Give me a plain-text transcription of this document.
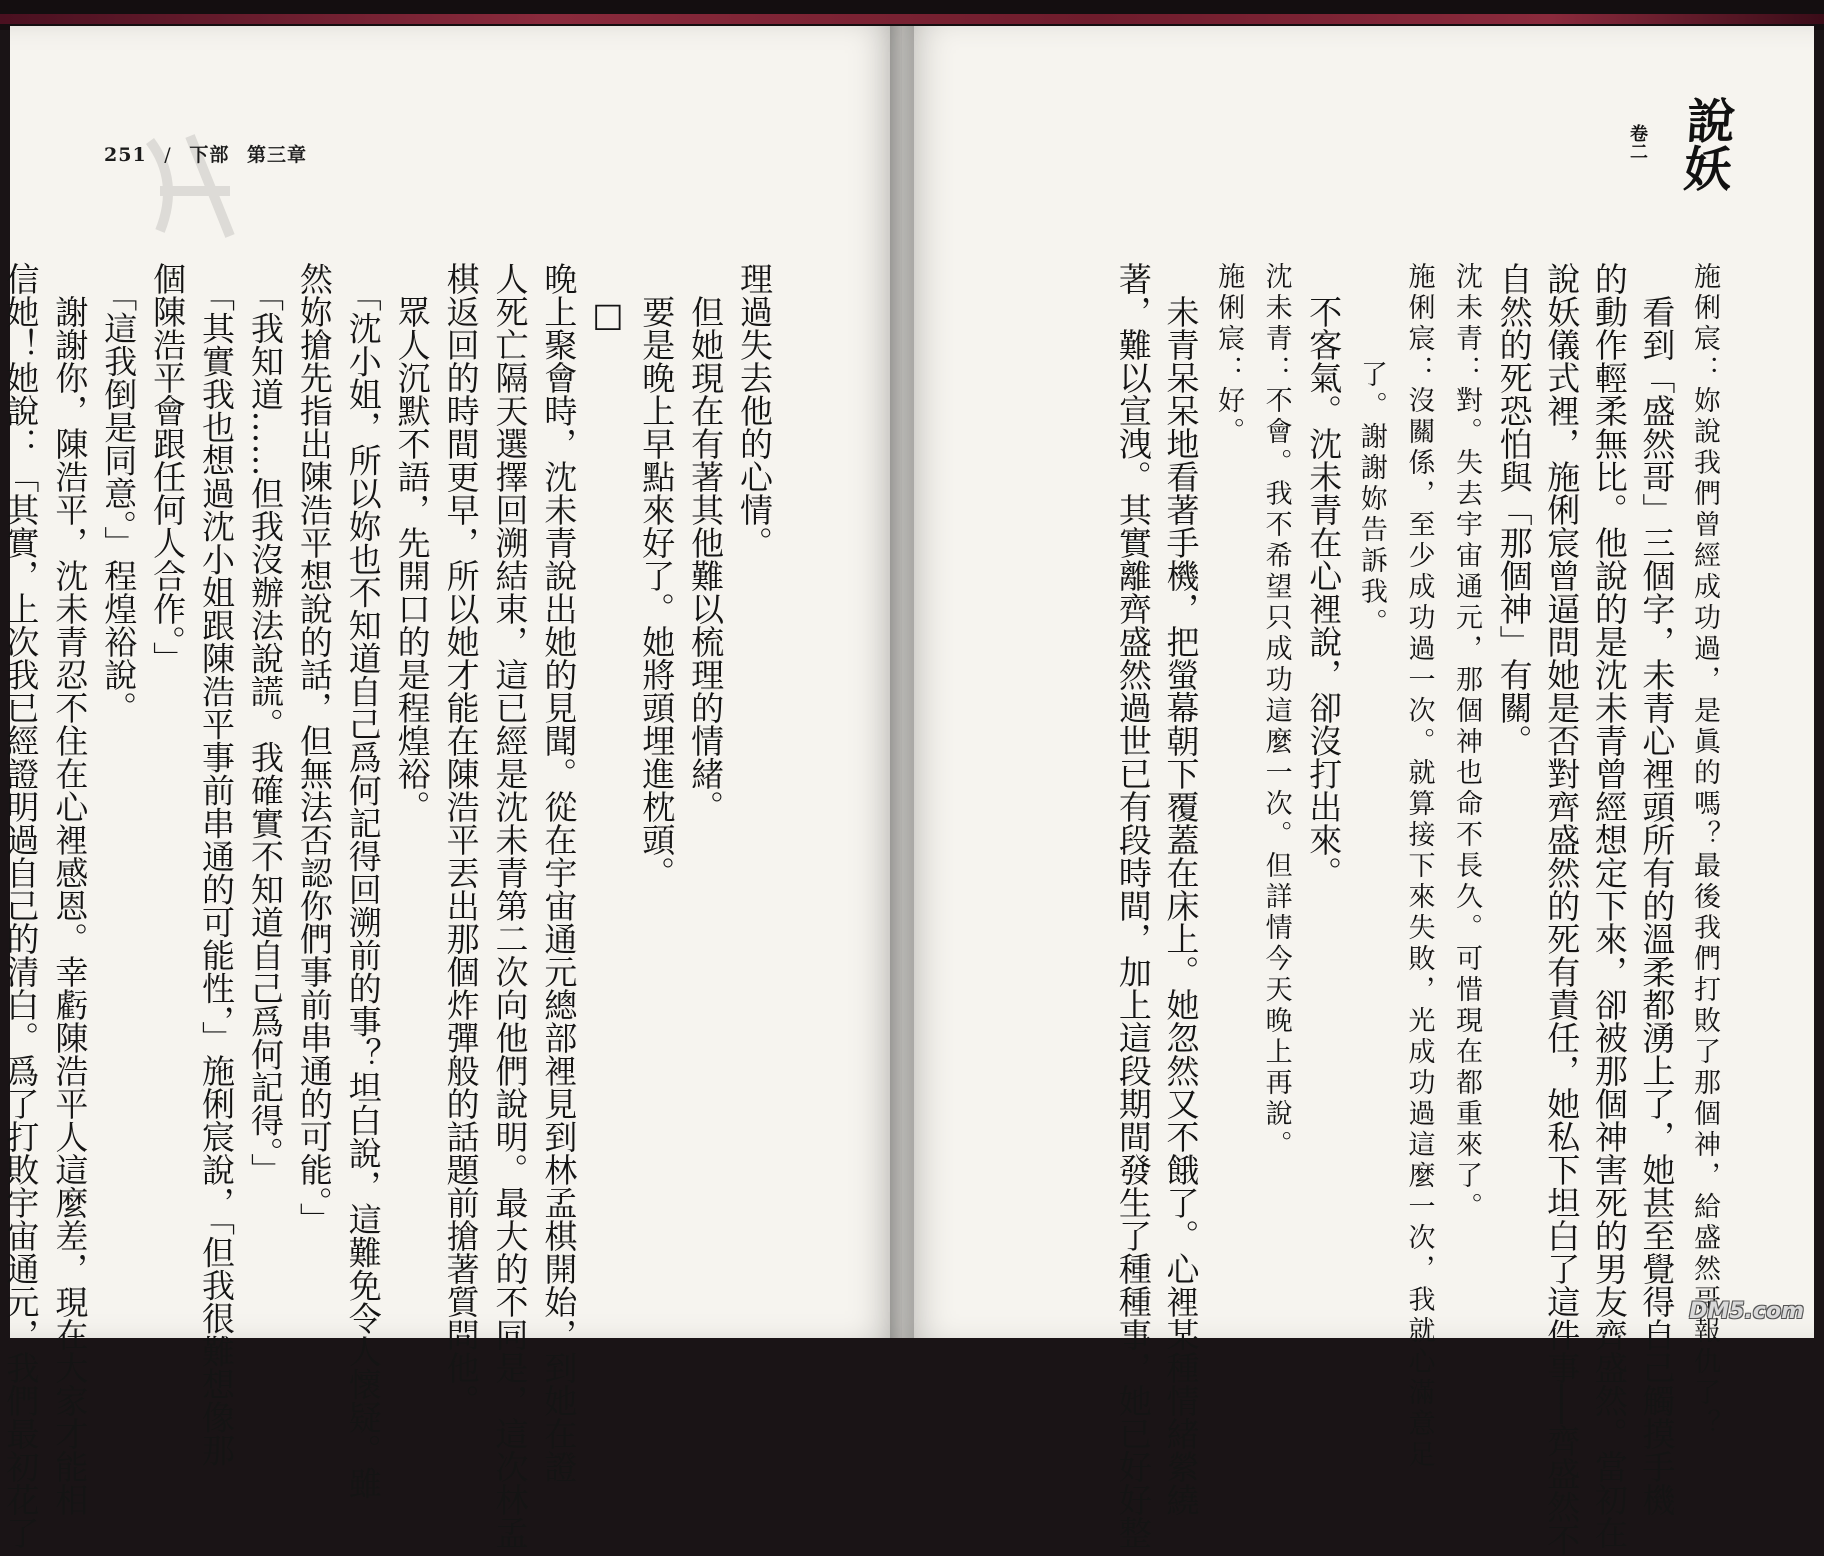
251 / 下部 第三章	說妖
卷二
施俐宸：妳說我們曾經成功過，是眞的嗎？最後我們打敗了那個神，給盛然哥報仇了？
看到「盛然哥」三個字，未青心裡頭所有的溫柔都湧上了，她甚至覺得自己觸摸手機
的動作輕柔無比。他說的是沈未青曾經想定下來，卻被那個神害死的男友齊盛然。當初在
說妖儀式裡，施俐宸曾逼問她是否對齊盛然的死有責任，她私下坦白了這件事──齊盛然不
自然的死恐怕與「那個神」有關。
沈未青：對。失去宇宙通元，那個神也命不長久。可惜現在都重來了。
施俐宸：沒關係，至少成功過一次。就算接下來失敗，光成功過這麼一次，我就心滿意足
了。謝謝妳告訴我。
不客氣。沈未青在心裡說，卻沒打出來。
沈未青：不會。我不希望只成功這麼一次。但詳情今天晚上再說。
施俐宸：好。
未青呆呆地看著手機，把螢幕朝下覆蓋在床上。她忽然又不餓了。心裡某種情緒縈繞
著，難以宣洩。其實離齊盛然過世已有段時間，加上這段期間發生了種種事，她已好好整
理過失去他的心情。
　但她現在有著其他難以梳理的情緒。
　要是晚上早點來好了。她將頭埋進枕頭。
□
晚上聚會時，沈未青說出她的見聞。從在宇宙通元總部裡見到林孟棋開始，到她在證
人死亡隔天選擇回溯結束，這已經是沈未青第二次向他們說明。最大的不同是，這次林孟
棋返回的時間更早，所以她才能在陳浩平丟出那個炸彈般的話題前搶著質問他。
　眾人沉默不語，先開口的是程煌裕。
　「沈小姐，所以妳也不知道自己爲何記得回溯前的事？坦白說，這難免令人懷疑。雖
然妳搶先指出陳浩平想說的話，但無法否認你們事前串通的可能。」
　「我知道……但我沒辦法說謊。我確實不知道自己爲何記得。」
　「其實我也想過沈小姐跟陳浩平事前串通的可能性，」施俐宸說，「但我很難想像那
個陳浩平會跟任何人合作。」
　「這我倒是同意。」程煌裕說。
　謝謝你，陳浩平，沈未青忍不住在心裡感恩。幸虧陳浩平人這麼差，現在大家才能相
信她！她說：「其實，上次我已經證明過自己的清白。爲了打敗宇宙通元，我們最初花了	DM5.com
